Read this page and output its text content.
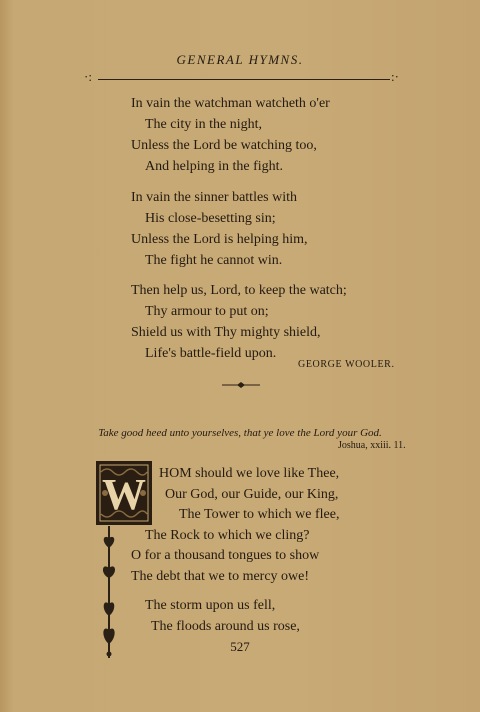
GENERAL HYMNS.
·:	:·
In vain the watchman watcheth o'er
The city in the night,
Unless the Lord be watching too,
And helping in the fight.
In vain the sinner battles with
His close-besetting sin;
Unless the Lord is helping him,
The fight he cannot win.
Then help us, Lord, to keep the watch;
Thy armour to put on;
Shield us with Thy mighty shield,
Life's battle-field upon.
GEORGE WOOLER.
Take good heed unto yourselves, that ye love the Lord your God.
Joshua, xxiii. 11.
W HOM should we love like Thee,
Our God, our Guide, our King,
The Tower to which we flee,
The Rock to which we cling?
O for a thousand tongues to show
The debt that we to mercy owe!
The storm upon us fell,
The floods around us rose,
527
